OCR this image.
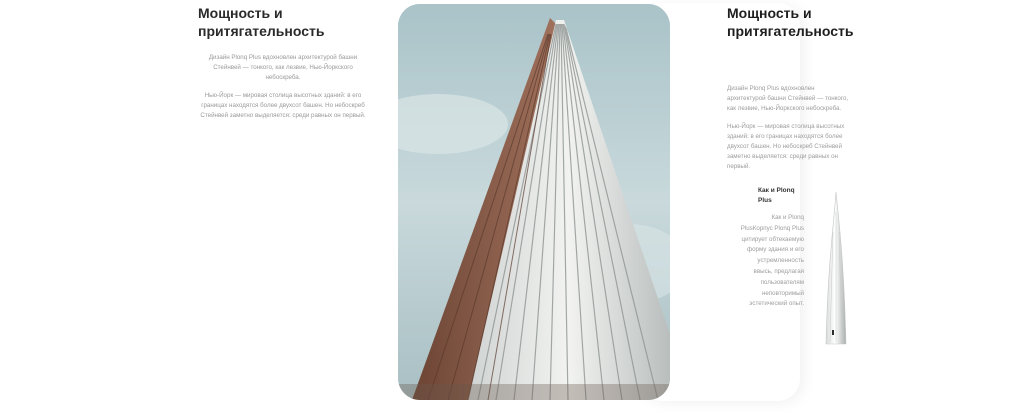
Мощность и притягательность

Дизайн Plonq Plus вдохновлен архитектурой башни Стейнвей — тонкого, как лезвие, Нью-Йоркского небоскреба.

Нью-Йорк — мировая столица высотных зданий: в его границах находятся более двухсот башен. Но небоскреб Стейнвей заметно выделяется: среди равных он первый.

Мощность и притягательность

Дизайн Plonq Plus вдохновлен архитектурой башни Стейнвей — тонкого, как лезвие, Нью-Йоркского небоскреба.

Нью-Йорк — мировая столица высотных зданий: в его границах находятся более двухсот башен. Но небоскреб Стейнвей заметно выделяется: среди равных он первый.

Как и Plonq Plus

Как и Plonq PlusКорпус Plonq Plus цитирует обтекаемую форму здания и его устремленность ввысь, предлагая пользователям неповторимый эстетический опыт.
